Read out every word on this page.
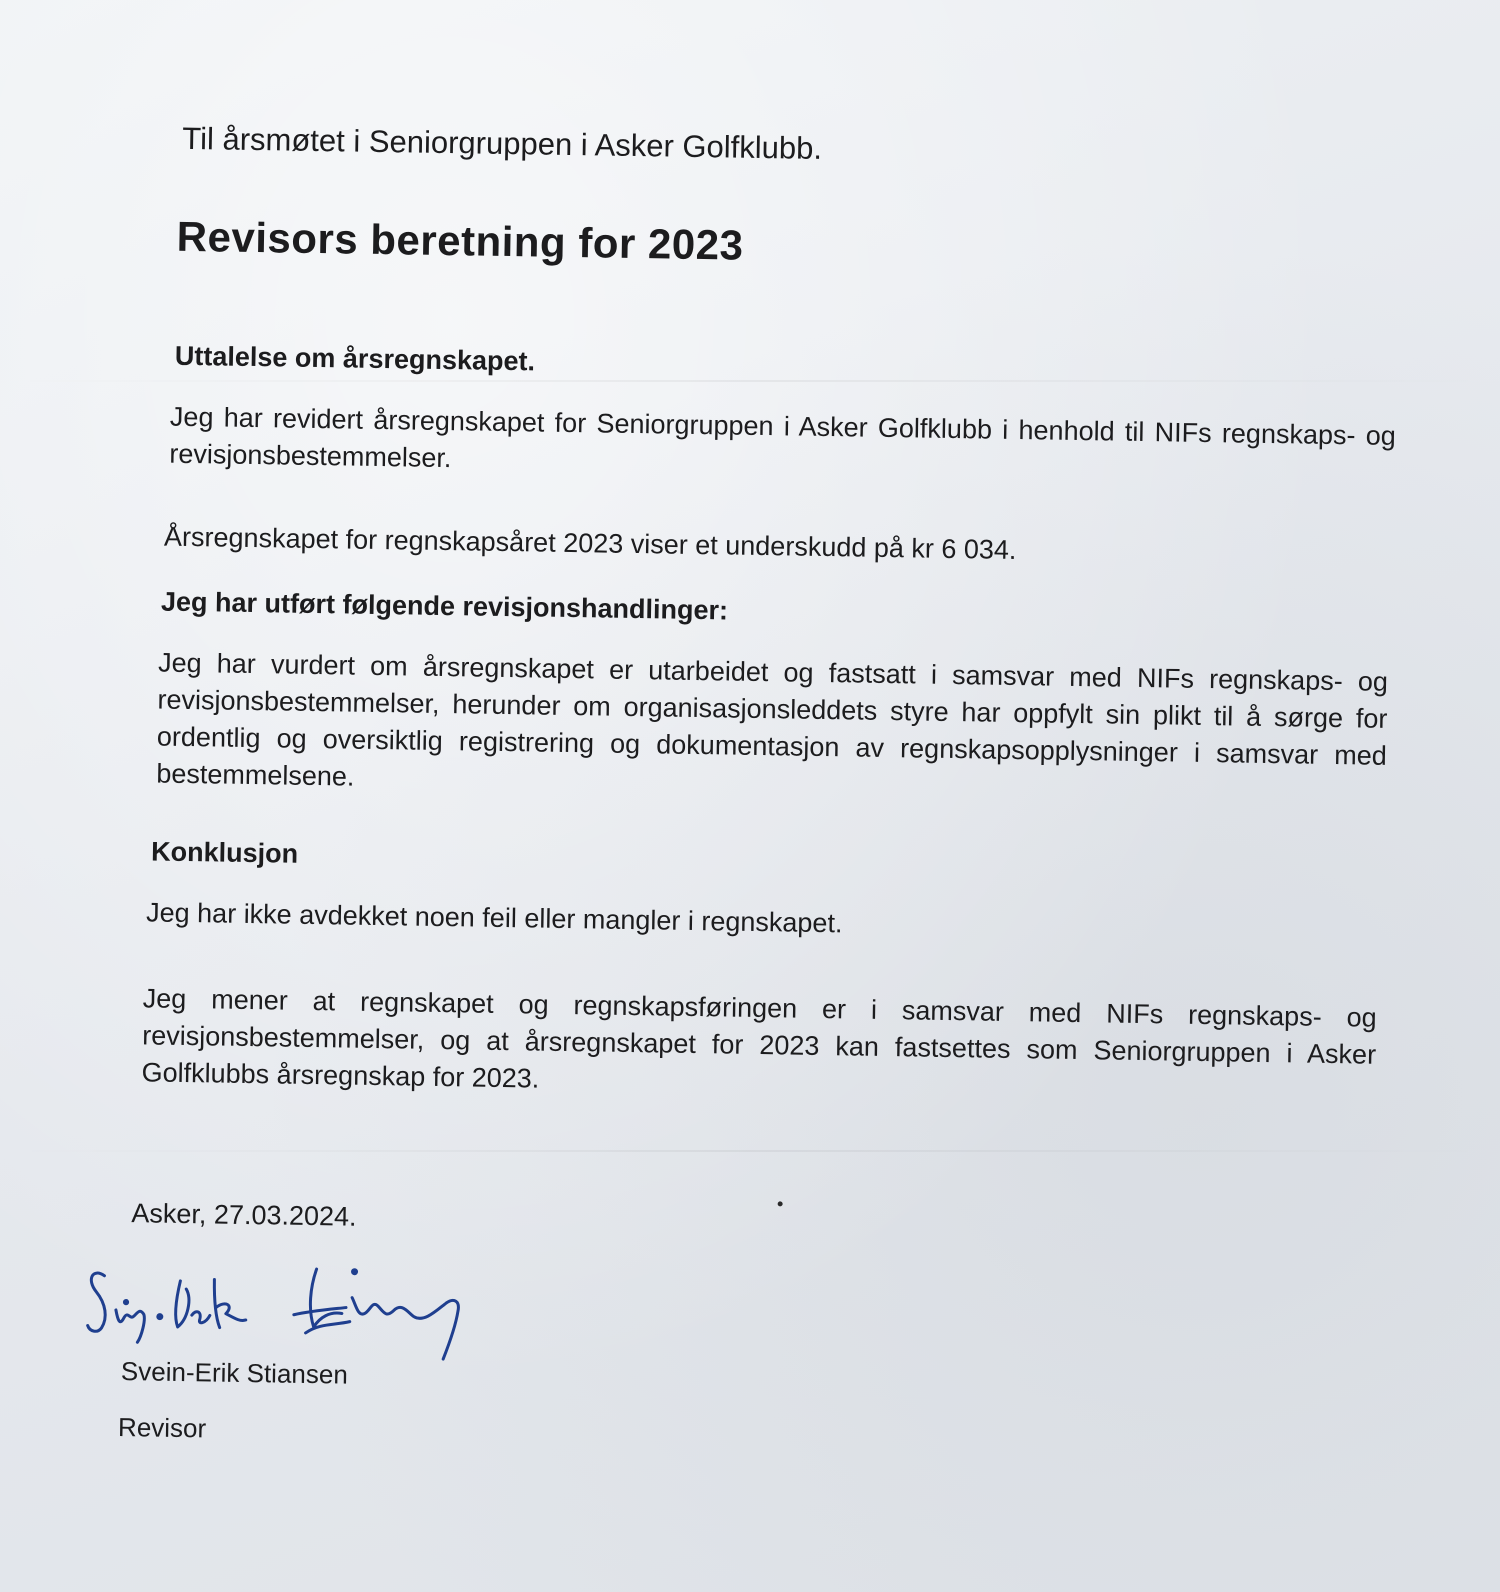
Til årsmøtet i Seniorgruppen i Asker Golfklubb.

Revisors beretning for 2023
Uttalelse om årsregnskapet.

Jeg har revidert årsregnskapet for Seniorgruppen i Asker Golfklubb i henhold til NIFs regnskaps- og revisjonsbestemmelser.

Årsregnskapet for regnskapsåret 2023 viser et underskudd på kr 6 034.

Jeg har utført følgende revisjonshandlinger:

Jeg har vurdert om årsregnskapet er utarbeidet og fastsatt i samsvar med NIFs regnskaps- og revisjonsbestemmelser, herunder om organisasjonsleddets styre har oppfylt sin plikt til å sørge for ordentlig og oversiktlig registrering og dokumentasjon av regnskapsopplysninger i samsvar med bestemmelsene.

Konklusjon

Jeg har ikke avdekket noen feil eller mangler i regnskapet.

Jeg mener at regnskapet og regnskapsføringen er i samsvar med NIFs regnskaps- og revisjonsbestemmelser, og at årsregnskapet for 2023 kan fastsettes som Seniorgruppen i Asker Golfklubbs årsregnskap for 2023.

Asker, 27.03.2024.

Svein-Erik Stiansen

Revisor
